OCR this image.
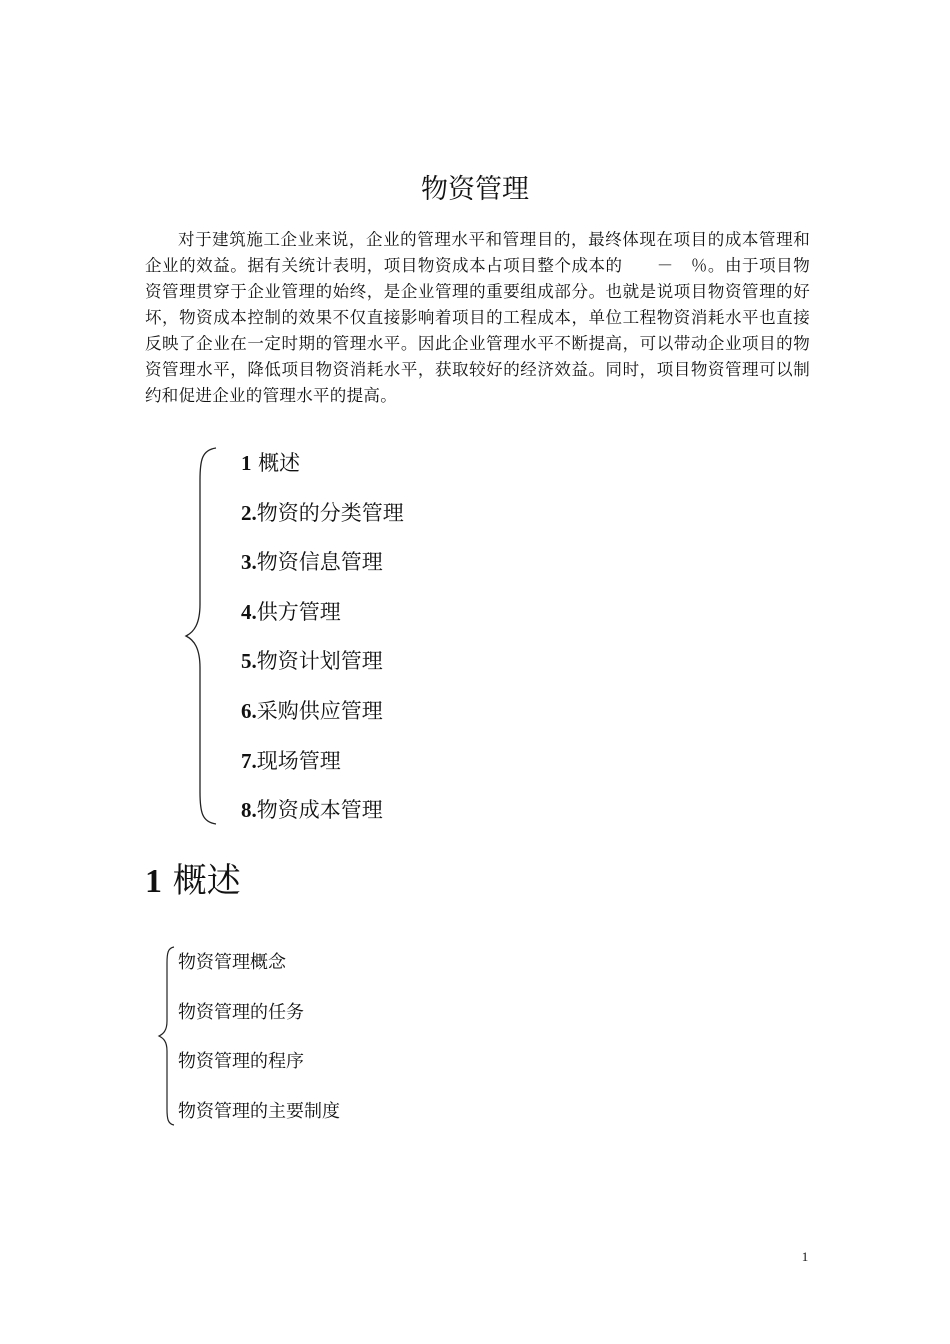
物资管理

对于建筑施工企业来说，企业的管理水平和管理目的，最终体现在项目的成本管理和企业的效益。据有关统计表明，项目物资成本占项目整个成本的　　－　％。由于项目物资管理贯穿于企业管理的始终，是企业管理的重要组成部分。也就是说项目物资管理的好坏，物资成本控制的效果不仅直接影响着项目的工程成本，单位工程物资消耗水平也直接反映了企业在一定时期的管理水平。因此企业管理水平不断提高，可以带动企业项目的物资管理水平，降低项目物资消耗水平，获取较好的经济效益。同时，项目物资管理可以制约和促进企业的管理水平的提高。

1 概述
2.物资的分类管理
3.物资信息管理
4.供方管理
5.物资计划管理
6.采购供应管理
7.现场管理
8.物资成本管理
1 概述
物资管理概念
物资管理的任务
物资管理的程序
物资管理的主要制度
1
